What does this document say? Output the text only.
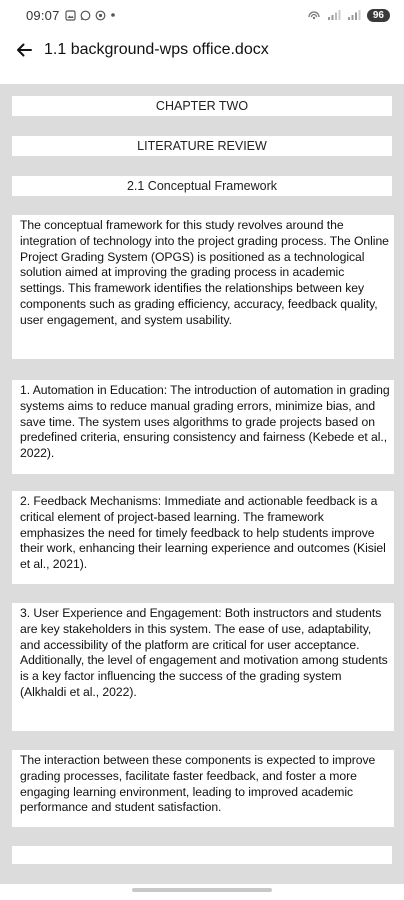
09:07	96
1.1 background-wps office.docx
CHAPTER TWO
LITERATURE REVIEW
2.1 Conceptual Framework
The conceptual framework for this study revolves around the integration of technology into the project grading process. The Online Project Grading System (OPGS) is positioned as a technological solution aimed at improving the grading process in academic settings. This framework identifies the relationships between key components such as grading efficiency, accuracy, feedback quality, user engagement, and system usability.
1. Automation in Education: The introduction of automation in grading systems aims to reduce manual grading errors, minimize bias, and save time. The system uses algorithms to grade projects based on predefined criteria, ensuring consistency and fairness (Kebede et al., 2022).
2. Feedback Mechanisms: Immediate and actionable feedback is a critical element of project-based learning. The framework emphasizes the need for timely feedback to help students improve their work, enhancing their learning experience and outcomes (Kisiel et al., 2021).
3. User Experience and Engagement: Both instructors and students are key stakeholders in this system. The ease of use, adaptability, and accessibility of the platform are critical for user acceptance. Additionally, the level of engagement and motivation among students is a key factor influencing the success of the grading system (Alkhaldi et al., 2022).
The interaction between these components is expected to improve grading processes, facilitate faster feedback, and foster a more engaging learning environment, leading to improved academic performance and student satisfaction.
